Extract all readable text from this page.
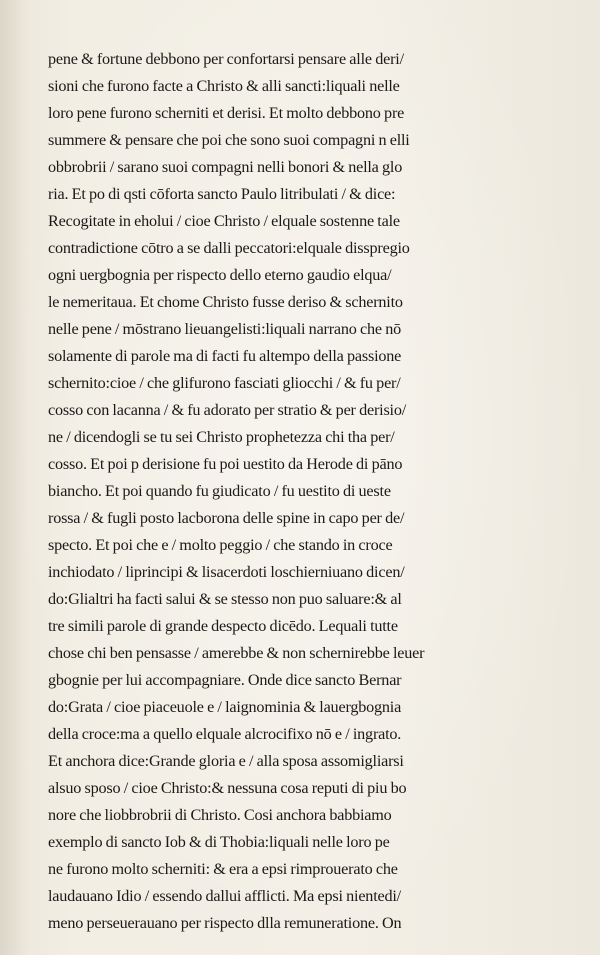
pene & fortune debbono per confortarsi pensare alle deri/
sioni che furono facte a Christo & alli sancti:liquali nelle
loro pene furono scherniti et derisi. Et molto debbono pre
summere & pensare che poi che sono suoi compagni n elli
obbrobrii / sarano suoi compagni nelli bonori & nella glo
ria. Et po di qsti cōforta sancto Paulo litribulati / & dice:
Recogitate in eholui / cioe Christo / elquale sostenne tale
contradictione cōtro a se dalli peccatori:elquale disspregio
ogni uergbognia per rispecto dello eterno gaudio elqua/
le nemeritaua. Et chome Christo fusse deriso & schernito
nelle pene / mōstrano lieuangelisti:liquali narrano che nō
solamente di parole ma di facti fu altempo della passione
schernito:cioe / che glifurono fasciati gliocchi / & fu per/
cosso con lacanna / & fu adorato per stratio & per derisio/
ne / dicendogli se tu sei Christo prophetezza chi tha per/
cosso. Et poi p derisione fu poi uestito da Herode di pāno
biancho. Et poi quando fu giudicato / fu uestito di ueste
rossa / & fugli posto lacborona delle spine in capo per de/
specto. Et poi che e / molto peggio / che stando in croce
inchiodato / liprincipi & lisacerdoti loschierniuano dicen/
do:Glialtri ha facti salui & se stesso non puo saluare:& al
tre simili parole di grande despecto dicēdo. Lequali tutte
chose chi ben pensasse / amerebbe & non schernirebbe leuer
gbognie per lui accompagniare. Onde dice sancto Bernar
do:Grata / cioe piaceuole e / laignominia & lauergbognia
della croce:ma a quello elquale alcrocifixo nō e / ingrato.
Et anchora dice:Grande gloria e / alla sposa assomigliarsi
alsuo sposo / cioe Christo:& nessuna cosa reputi di piu bo
nore che liobbrobrii di Christo. Cosi anchora babbiamo
exemplo di sancto Iob & di Thobia:liquali nelle loro pe
ne furono molto scherniti: & era a epsi rimprouerato che
laudauano Idio / essendo dallui afflicti. Ma epsi nientedi/
meno perseuerauano per rispecto dlla remuneratione. On
